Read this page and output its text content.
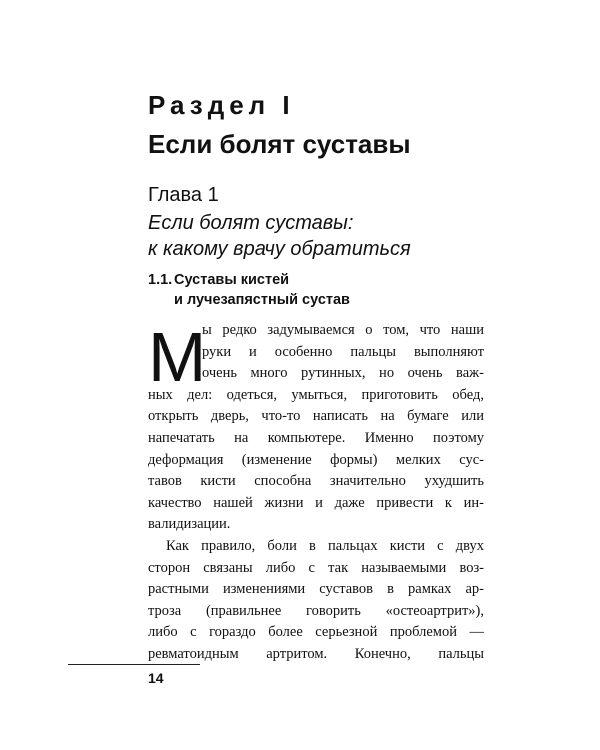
Раздел I
Если болят суставы
Глава 1
Если болят суставы:
к какому врачу обратиться
1.1. Суставы кистей
и лучезапястный сустав
М
ы редко задумываемся о том, что наши
руки и особенно пальцы выполняют
очень много рутинных, но очень важ-
ных дел: одеться, умыться, приготовить обед,
открыть дверь, что-то написать на бумаге или
напечатать на компьютере. Именно поэтому
деформация (изменение формы) мелких сус-
тавов кисти способна значительно ухудшить
качество нашей жизни и даже привести к ин-
валидизации.
Как правило, боли в пальцах кисти с двух
сторон связаны либо с так называемыми воз-
растными изменениями суставов в рамках ар-
троза (правильнее говорить «остеоартрит»),
либо с гораздо более серьезной проблемой —
ревматоидным артритом. Конечно, пальцы
14
